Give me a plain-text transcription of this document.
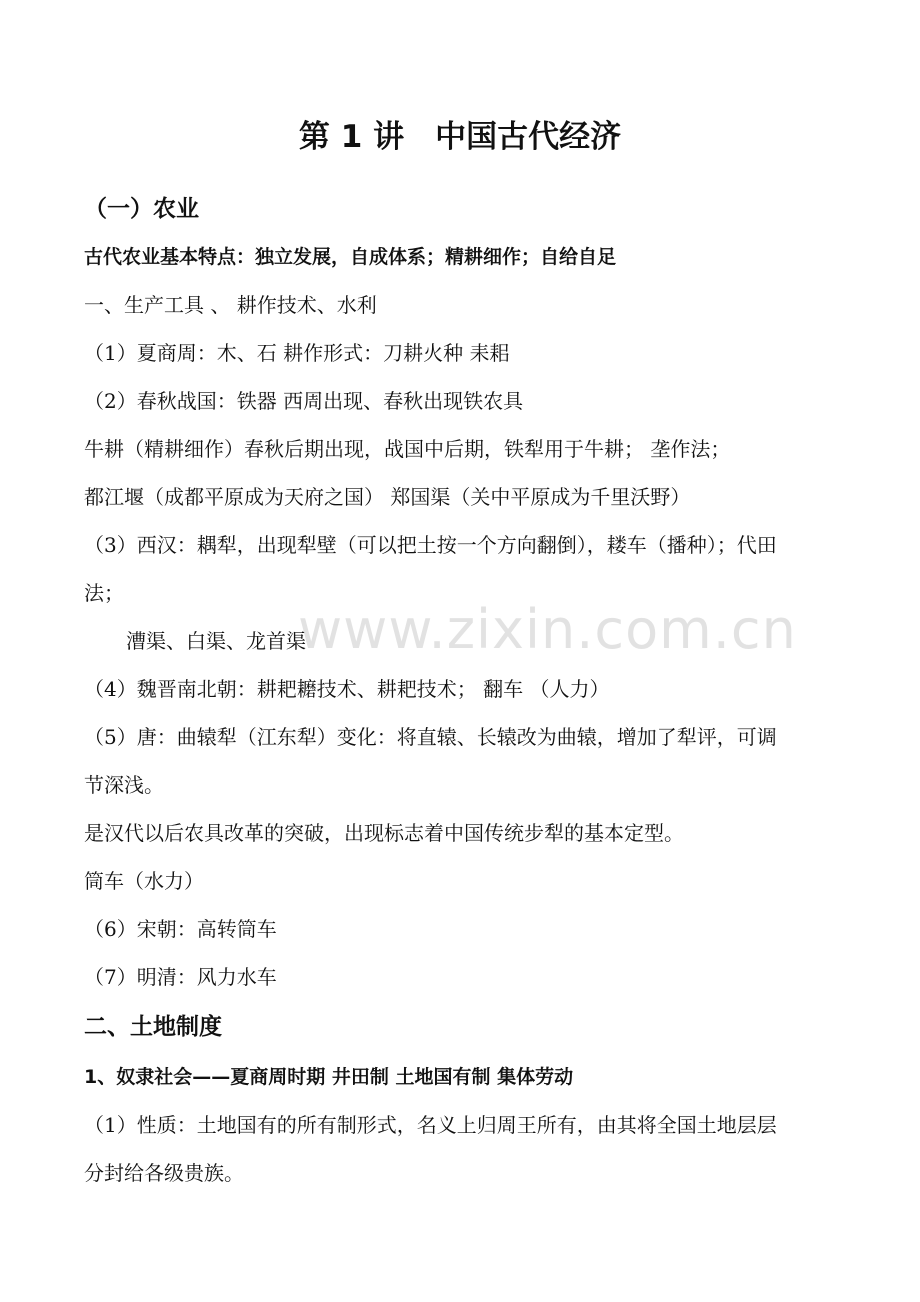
第 1 讲　中国古代经济
（一）农业
古代农业基本特点：独立发展，自成体系；精耕细作；自给自足
一、生产工具 、 耕作技术、水利
（1）夏商周：木、石 耕作形式：刀耕火种 耒耜
（2）春秋战国：铁器 西周出现、春秋出现铁农具
牛耕（精耕细作）春秋后期出现，战国中后期，铁犁用于牛耕； 垄作法；
都江堰（成都平原成为天府之国） 郑国渠（关中平原成为千里沃野）
（3）西汉：耦犁，出现犁壁（可以把土按一个方向翻倒），耧车（播种）；代田
法；
漕渠、白渠、龙首渠
（4）魏晋南北朝：耕耙耱技术、耕耙技术； 翻车 （人力）
（5）唐：曲辕犁（江东犁）变化：将直辕、长辕改为曲辕，增加了犁评，可调
节深浅。
是汉代以后农具改革的突破，出现标志着中国传统步犁的基本定型。
筒车（水力）
（6）宋朝：高转筒车
（7）明清：风力水车
二、土地制度
1、奴隶社会——夏商周时期 井田制 土地国有制 集体劳动
（1）性质：土地国有的所有制形式，名义上归周王所有，由其将全国土地层层
分封给各级贵族。
www.zixin.com.cn
